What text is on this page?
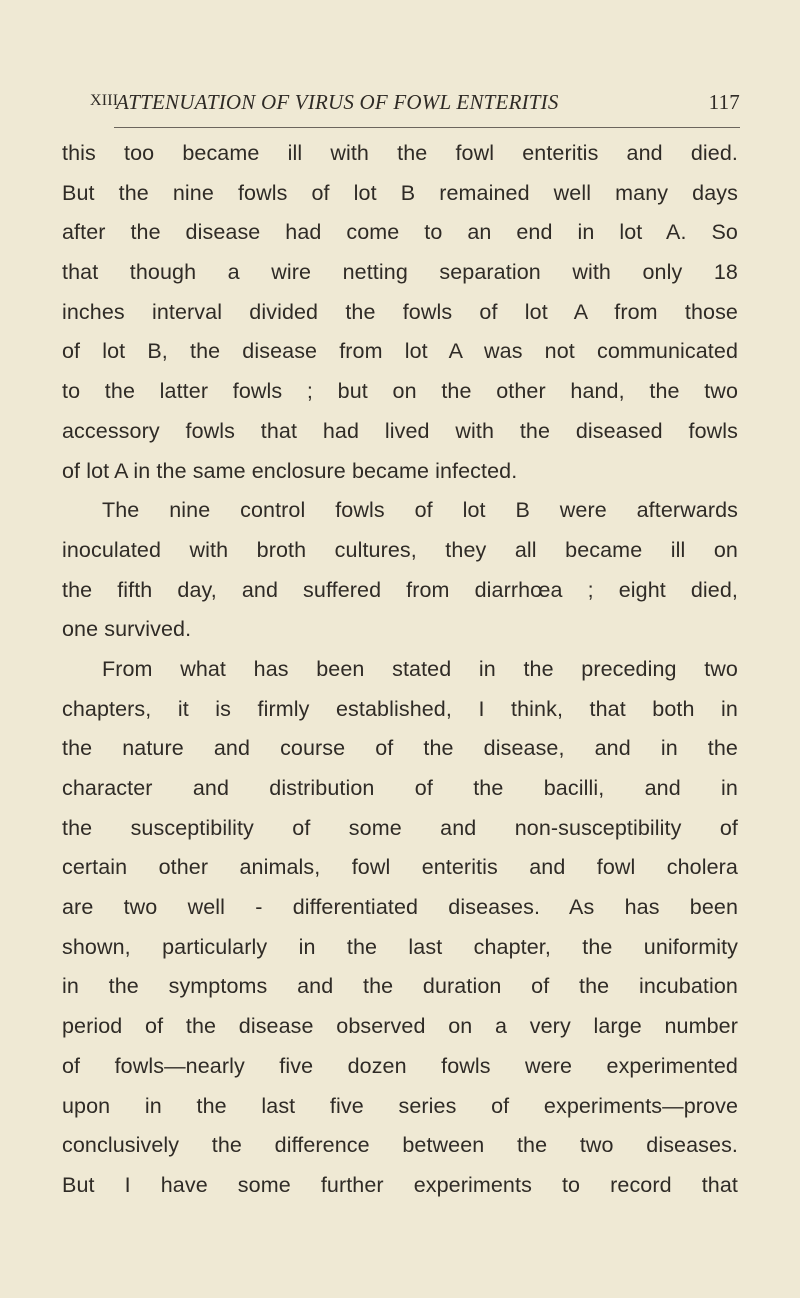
XIII
ATTENUATION OF VIRUS OF FOWL ENTERITIS	117
this too became ill with the fowl enteritis and died.
But the nine fowls of lot B remained well many days
after the disease had come to an end in lot A. So
that though a wire netting separation with only 18
inches interval divided the fowls of lot A from those
of lot B, the disease from lot A was not communicated
to the latter fowls ; but on the other hand, the two
accessory fowls that had lived with the diseased fowls
of lot A in the same enclosure became infected.
The nine control fowls of lot B were afterwards
inoculated with broth cultures, they all became ill on
the fifth day, and suffered from diarrhœa ; eight died,
one survived.
From what has been stated in the preceding two
chapters, it is firmly established, I think, that both in
the nature and course of the disease, and in the
character and distribution of the bacilli, and in
the susceptibility of some and non-susceptibility of
certain other animals, fowl enteritis and fowl cholera
are two well - differentiated diseases. As has been
shown, particularly in the last chapter, the uniformity
in the symptoms and the duration of the incubation
period of the disease observed on a very large number
of fowls—nearly five dozen fowls were experimented
upon in the last five series of experiments—prove
conclusively the difference between the two diseases.
But I have some further experiments to record that
